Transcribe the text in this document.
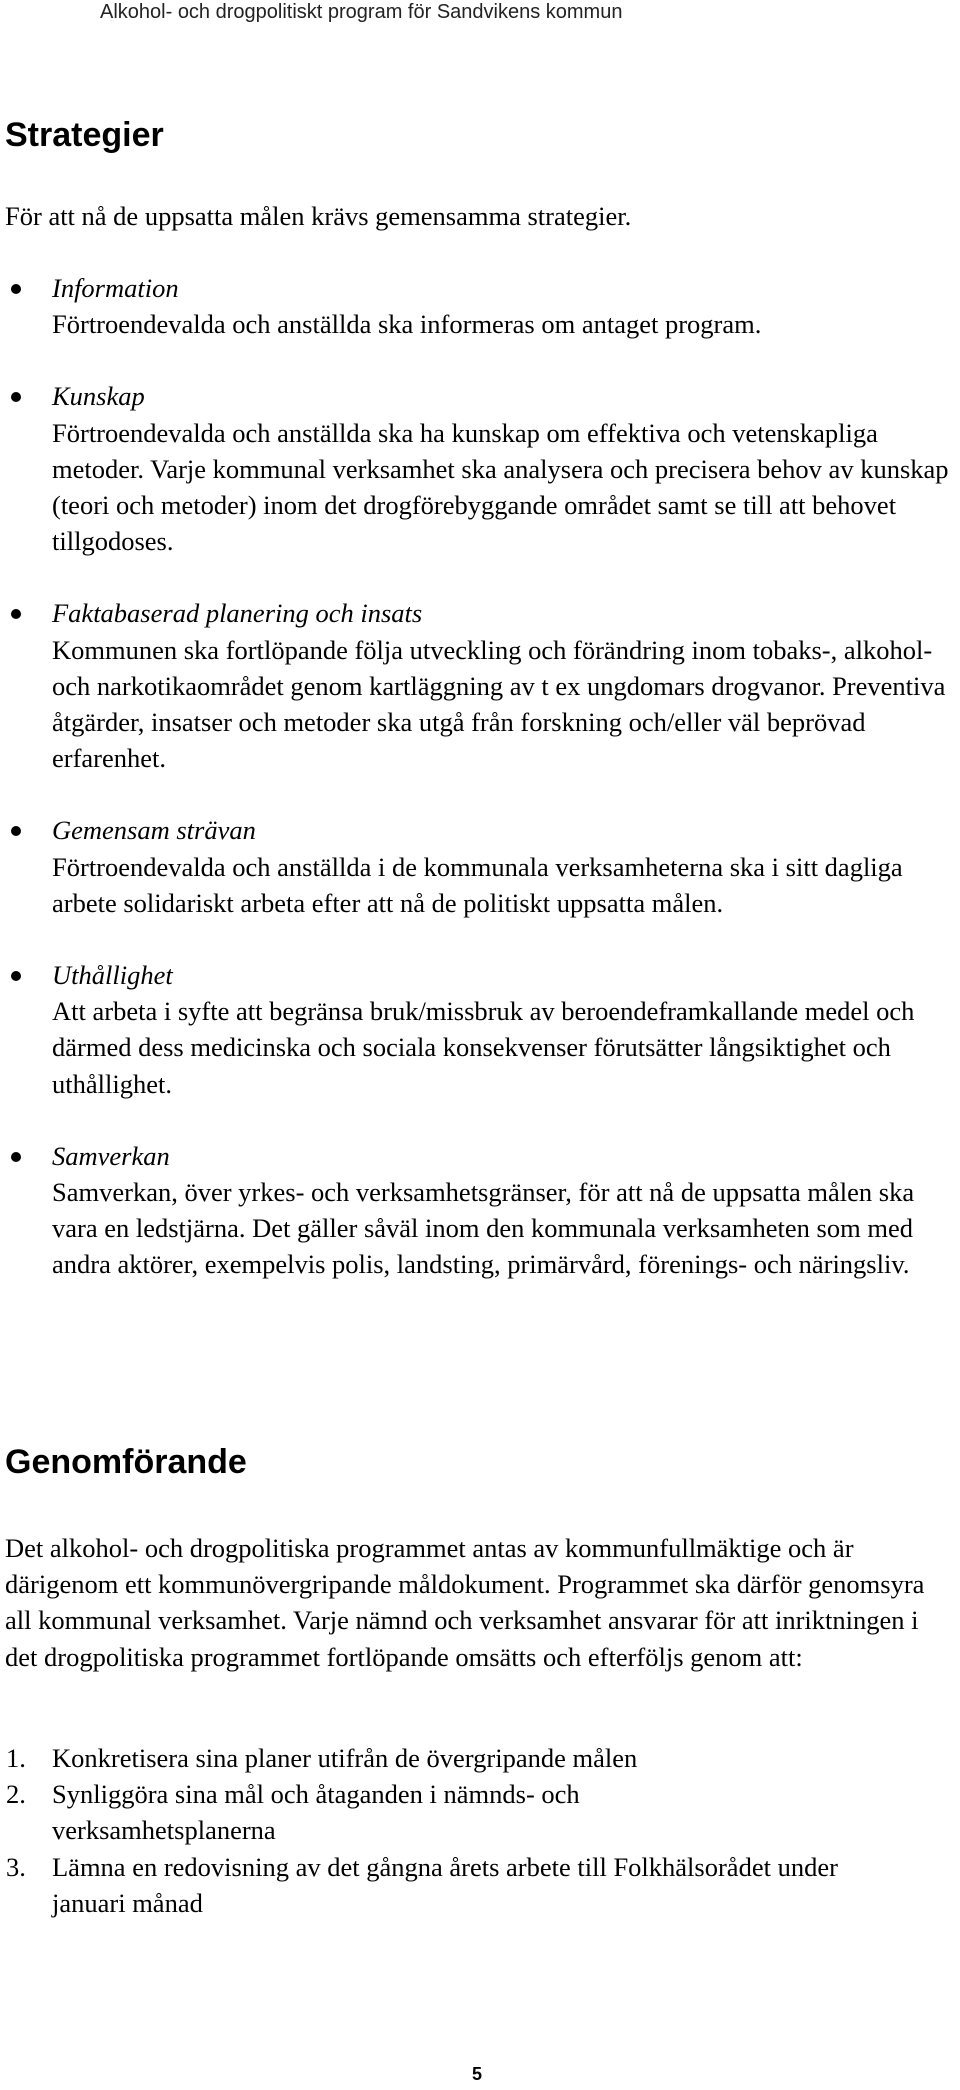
Alkohol- och drogpolitiskt program för Sandvikens kommun
Strategier
För att nå de uppsatta målen krävs gemensamma strategier.
Information
Förtroendevalda och anställda ska informeras om antaget program.
Kunskap
Förtroendevalda och anställda ska ha kunskap om effektiva och vetenskapliga metoder. Varje kommunal verksamhet ska analysera och precisera behov av kunskap (teori och metoder) inom det drogförebyggande området samt se till att behovet tillgodoses.
Faktabaserad planering och insats
Kommunen ska fortlöpande följa utveckling och förändring inom tobaks-, alkohol- och narkotikaområdet genom kartläggning av t ex ungdomars drogvanor. Preventiva åtgärder, insatser och metoder ska utgå från forskning och/eller väl beprövad erfarenhet.
Gemensam strävan
Förtroendevalda och anställda i de kommunala verksamheterna ska i sitt dagliga arbete solidariskt arbeta efter att nå de politiskt uppsatta målen.
Uthållighet
Att arbeta i syfte att begränsa bruk/missbruk av beroendeframkallande medel och därmed dess medicinska och sociala konsekvenser förutsätter långsiktighet och uthållighet.
Samverkan
Samverkan, över yrkes- och verksamhetsgränser, för att nå de uppsatta målen ska vara en ledstjärna. Det gäller såväl inom den kommunala verksamheten som med andra aktörer, exempelvis polis, landsting, primärvård, förenings- och näringsliv.
Genomförande
Det alkohol- och drogpolitiska programmet antas av kommunfullmäktige och är därigenom ett kommunövergripande måldokument. Programmet ska därför genomsyra all kommunal verksamhet. Varje nämnd och verksamhet ansvarar för att inriktningen i det drogpolitiska programmet fortlöpande omsätts och efterföljs genom att:
1. Konkretisera sina planer utifrån de övergripande målen
2. Synliggöra sina mål och åtaganden i nämnds- och verksamhetsplanerna
3. Lämna en redovisning av det gångna årets arbete till Folkhälsorådet under januari månad
5
